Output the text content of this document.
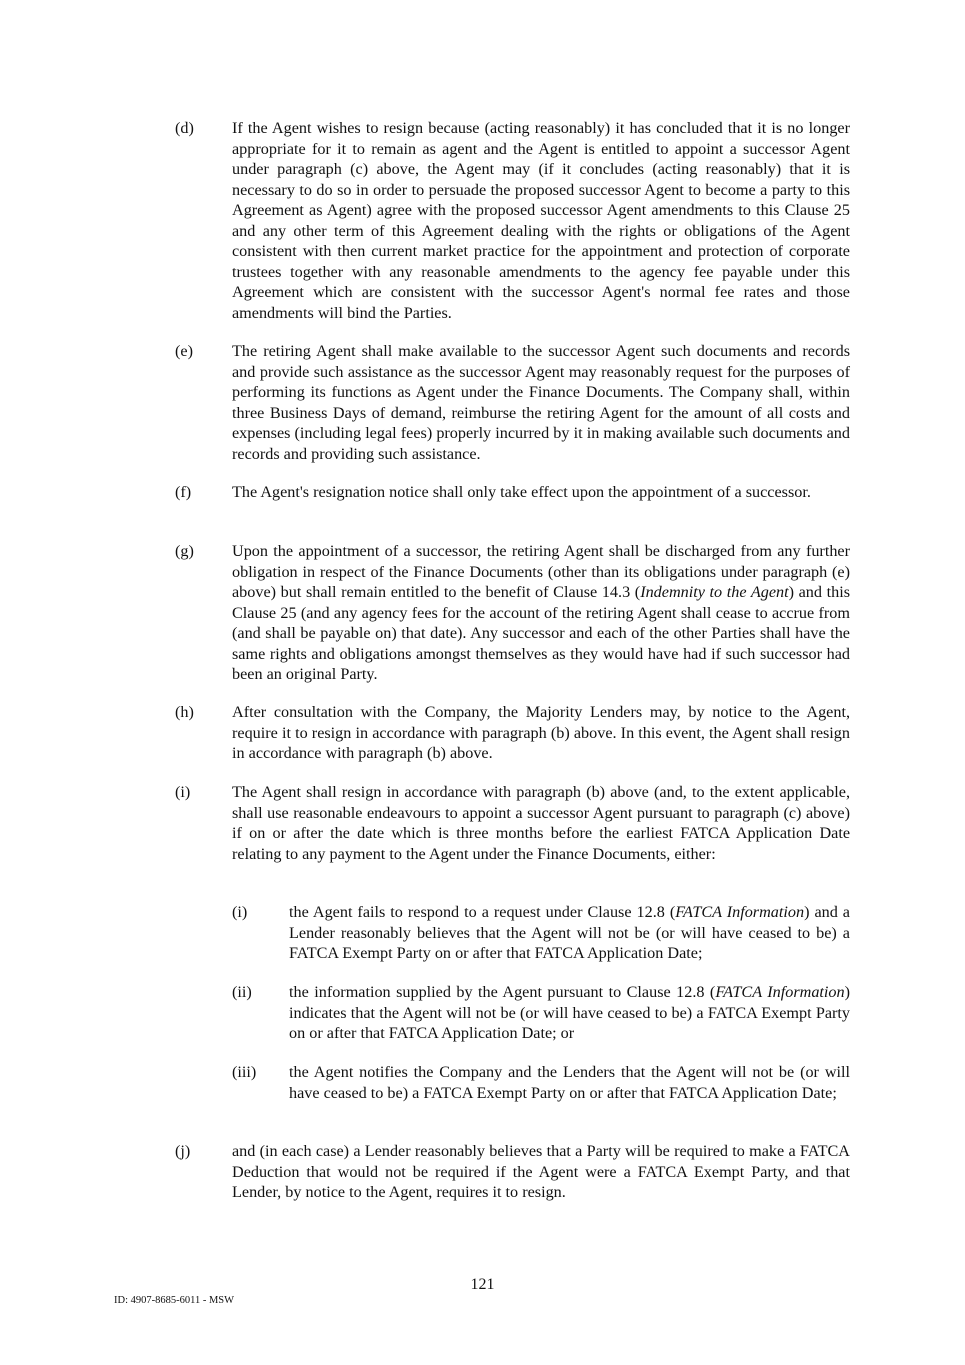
(d)	If the Agent wishes to resign because (acting reasonably) it has concluded that it is no longer appropriate for it to remain as agent and the Agent is entitled to appoint a successor Agent under paragraph (c) above, the Agent may (if it concludes (acting reasonably) that it is necessary to do so in order to persuade the proposed successor Agent to become a party to this Agreement as Agent) agree with the proposed successor Agent amendments to this Clause 25 and any other term of this Agreement dealing with the rights or obligations of the Agent consistent with then current market practice for the appointment and protection of corporate trustees together with any reasonable amendments to the agency fee payable under this Agreement which are consistent with the successor Agent's normal fee rates and those amendments will bind the Parties.
(e)	The retiring Agent shall make available to the successor Agent such documents and records and provide such assistance as the successor Agent may reasonably request for the purposes of performing its functions as Agent under the Finance Documents. The Company shall, within three Business Days of demand, reimburse the retiring Agent for the amount of all costs and expenses (including legal fees) properly incurred by it in making available such documents and records and providing such assistance.
(f)	The Agent's resignation notice shall only take effect upon the appointment of a successor.
(g)	Upon the appointment of a successor, the retiring Agent shall be discharged from any further obligation in respect of the Finance Documents (other than its obligations under paragraph (e) above) but shall remain entitled to the benefit of Clause 14.3 (Indemnity to the Agent) and this Clause 25 (and any agency fees for the account of the retiring Agent shall cease to accrue from (and shall be payable on) that date). Any successor and each of the other Parties shall have the same rights and obligations amongst themselves as they would have had if such successor had been an original Party.
(h)	After consultation with the Company, the Majority Lenders may, by notice to the Agent, require it to resign in accordance with paragraph (b) above. In this event, the Agent shall resign in accordance with paragraph (b) above.
(i)	The Agent shall resign in accordance with paragraph (b) above (and, to the extent applicable, shall use reasonable endeavours to appoint a successor Agent pursuant to paragraph (c) above) if on or after the date which is three months before the earliest FATCA Application Date relating to any payment to the Agent under the Finance Documents, either:
(i)	the Agent fails to respond to a request under Clause 12.8 (FATCA Information) and a Lender reasonably believes that the Agent will not be (or will have ceased to be) a FATCA Exempt Party on or after that FATCA Application Date;
(ii)	the information supplied by the Agent pursuant to Clause 12.8 (FATCA Information) indicates that the Agent will not be (or will have ceased to be) a FATCA Exempt Party on or after that FATCA Application Date; or
(iii)	the Agent notifies the Company and the Lenders that the Agent will not be (or will have ceased to be) a FATCA Exempt Party on or after that FATCA Application Date;
(j)	and (in each case) a Lender reasonably believes that a Party will be required to make a FATCA Deduction that would not be required if the Agent were a FATCA Exempt Party, and that Lender, by notice to the Agent, requires it to resign.
121
ID: 4907-8685-6011 - MSW
